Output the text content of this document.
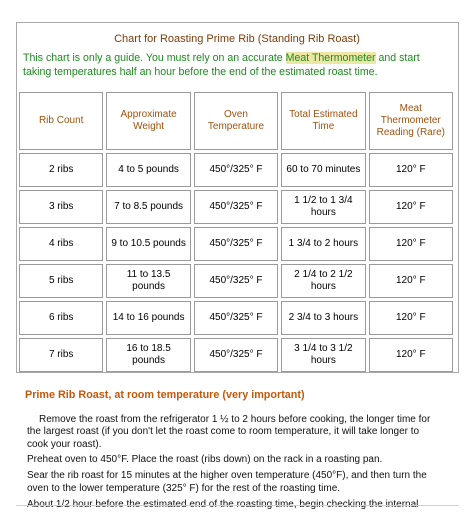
Chart for Roasting Prime Rib (Standing Rib Roast)
This chart is only a guide. You must rely on an accurate Meat Thermometer and start taking temperatures half an hour before the end of the estimated roast time.
Rib Count	Approximate Weight	Oven Temperature	Total Estimated Time	Meat Thermometer Reading (Rare)
2 ribs	4 to 5 pounds	450°/325° F	60 to 70 minutes	120° F
3 ribs	7 to 8.5 pounds	450°/325° F	1 1/2 to 1 3/4 hours	120° F
4 ribs	9 to 10.5 pounds	450°/325° F	1 3/4 to 2 hours	120° F
5 ribs	11 to 13.5 pounds	450°/325° F	2 1/4 to 2 1/2 hours	120° F
6 ribs	14 to 16 pounds	450°/325° F	2 3/4 to 3 hours	120° F
7 ribs	16 to 18.5 pounds	450°/325° F	3 1/4 to 3 1/2 hours	120° F
Prime Rib Roast, at room temperature (very important)

Remove the roast from the refrigerator 1 ½ to 2 hours before cooking, the longer time for the largest roast (if you don't let the roast come to room temperature, it will take longer to cook your roast).

Preheat oven to 450°F. Place the roast (ribs down) on the rack in a roasting pan.

Sear the rib roast for 15 minutes at the higher oven temperature (450°F), and then turn the oven to the lower temperature (325° F) for the rest of the roasting time.

About 1/2 hour before the estimated end of the roasting time, begin checking the internal
